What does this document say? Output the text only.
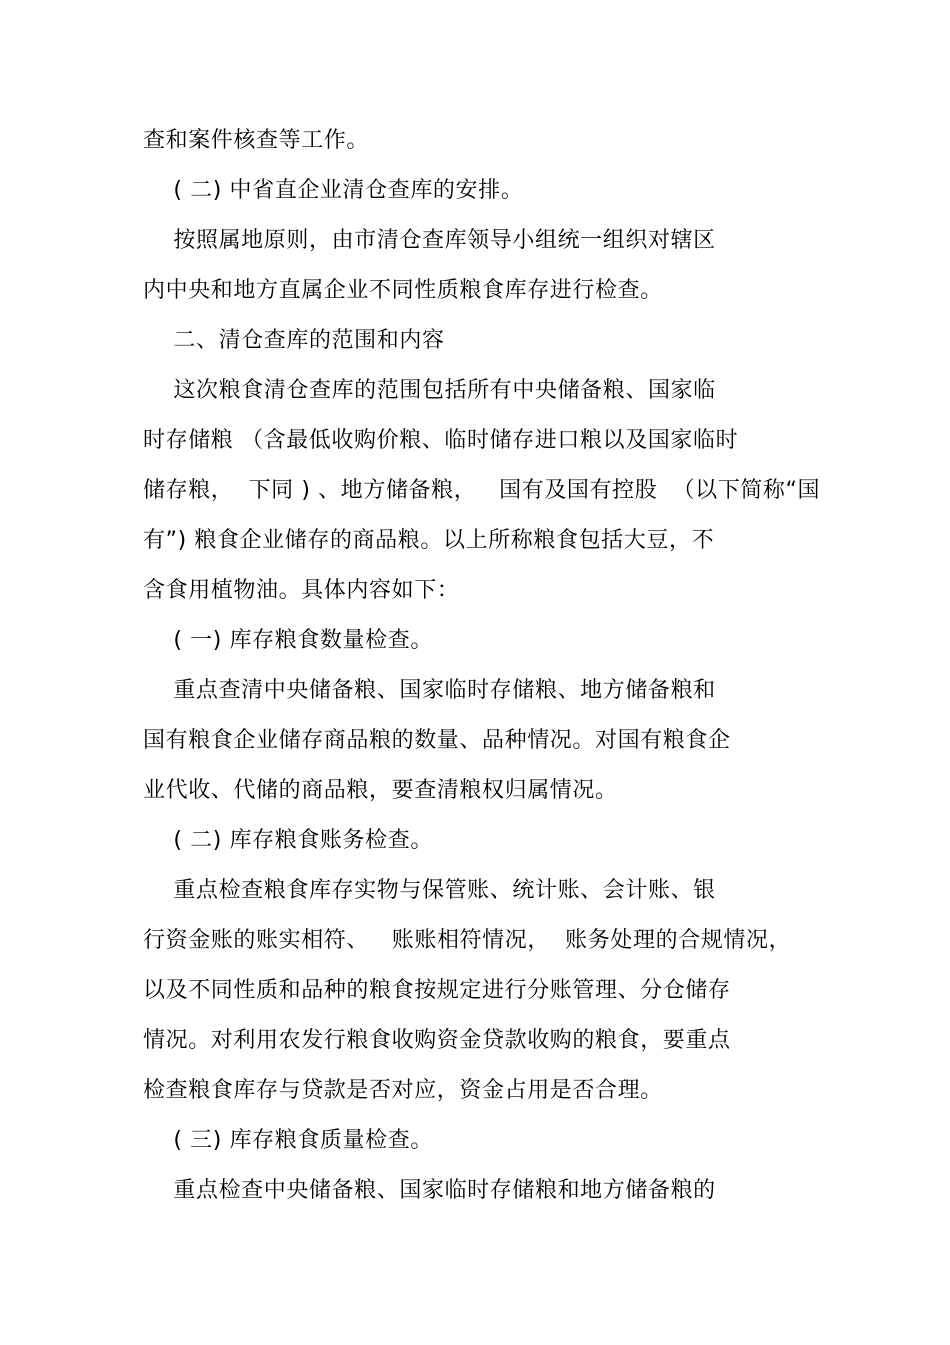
查和案件核查等工作。
( 二) 中省直企业清仓查库的安排。
按照属地原则，由市清仓查库领导小组统一组织对辖区
内中央和地方直属企业不同性质粮食库存进行检查。
二、清仓查库的范围和内容
这次粮食清仓查库的范围包括所有中央储备粮、国家临
时存储粮 （含最低收购价粮、临时储存进口粮以及国家临时
储存粮，  下同 ) 、地方储备粮，   国有及国有控股  （以下简称“国
有”) 粮食企业储存的商品粮。以上所称粮食包括大豆，不
含食用植物油。具体内容如下：
( 一) 库存粮食数量检查。
重点查清中央储备粮、国家临时存储粮、地方储备粮和
国有粮食企业储存商品粮的数量、品种情况。对国有粮食企
业代收、代储的商品粮，要查清粮权归属情况。
( 二) 库存粮食账务检查。
重点检查粮食库存实物与保管账、统计账、会计账、银
行资金账的账实相符、   账账相符情况，  账务处理的合规情况，
以及不同性质和品种的粮食按规定进行分账管理、分仓储存
情况。对利用农发行粮食收购资金贷款收购的粮食，要重点
检查粮食库存与贷款是否对应，资金占用是否合理。
( 三) 库存粮食质量检查。
重点检查中央储备粮、国家临时存储粮和地方储备粮的
